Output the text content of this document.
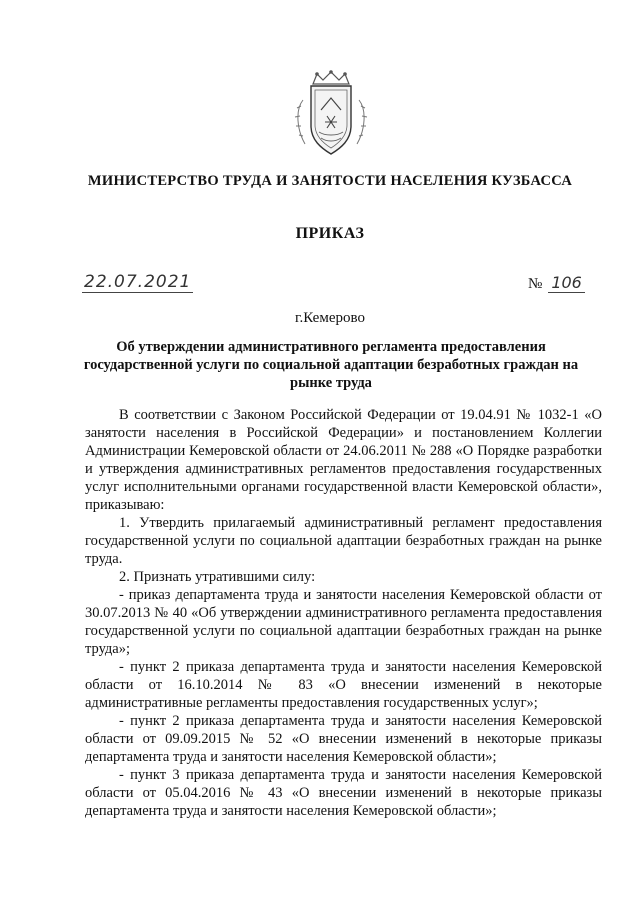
МИНИСТЕРСТВО ТРУДА И ЗАНЯТОСТИ НАСЕЛЕНИЯ КУЗБАССА
ПРИКАЗ
22.07.2021	№ 106
г.Кемерово
Об утверждении административного регламента предоставления государственной услуги по социальной адаптации безработных граждан на рынке труда

В соответствии с Законом Российской Федерации от 19.04.91 № 1032-1 «О занятости населения в Российской Федерации» и постановлением Коллегии Администрации Кемеровской области от 24.06.2011 № 288 «О Порядке разработки и утверждения административных регламентов предоставления государственных услуг исполнительными органами государственной власти Кемеровской области», приказываю:

1. Утвердить прилагаемый административный регламент предоставления государственной услуги по социальной адаптации безработных граждан на рынке труда.

2. Признать утратившими силу:

- приказ департамента труда и занятости населения Кемеровской области от 30.07.2013 № 40 «Об утверждении административного регламента предоставления государственной услуги по социальной адаптации безработных граждан на рынке труда»;

- пункт 2 приказа департамента труда и занятости населения Кемеровской области от 16.10.2014 № 83 «О внесении изменений в некоторые административные регламенты предоставления государственных услуг»;

- пункт 2 приказа департамента труда и занятости населения Кемеровской области от 09.09.2015 № 52 «О внесении изменений в некоторые приказы департамента труда и занятости населения Кемеровской области»;

- пункт 3 приказа департамента труда и занятости населения Кемеровской области от 05.04.2016 № 43 «О внесении изменений в некоторые приказы департамента труда и занятости населения Кемеровской области»;
